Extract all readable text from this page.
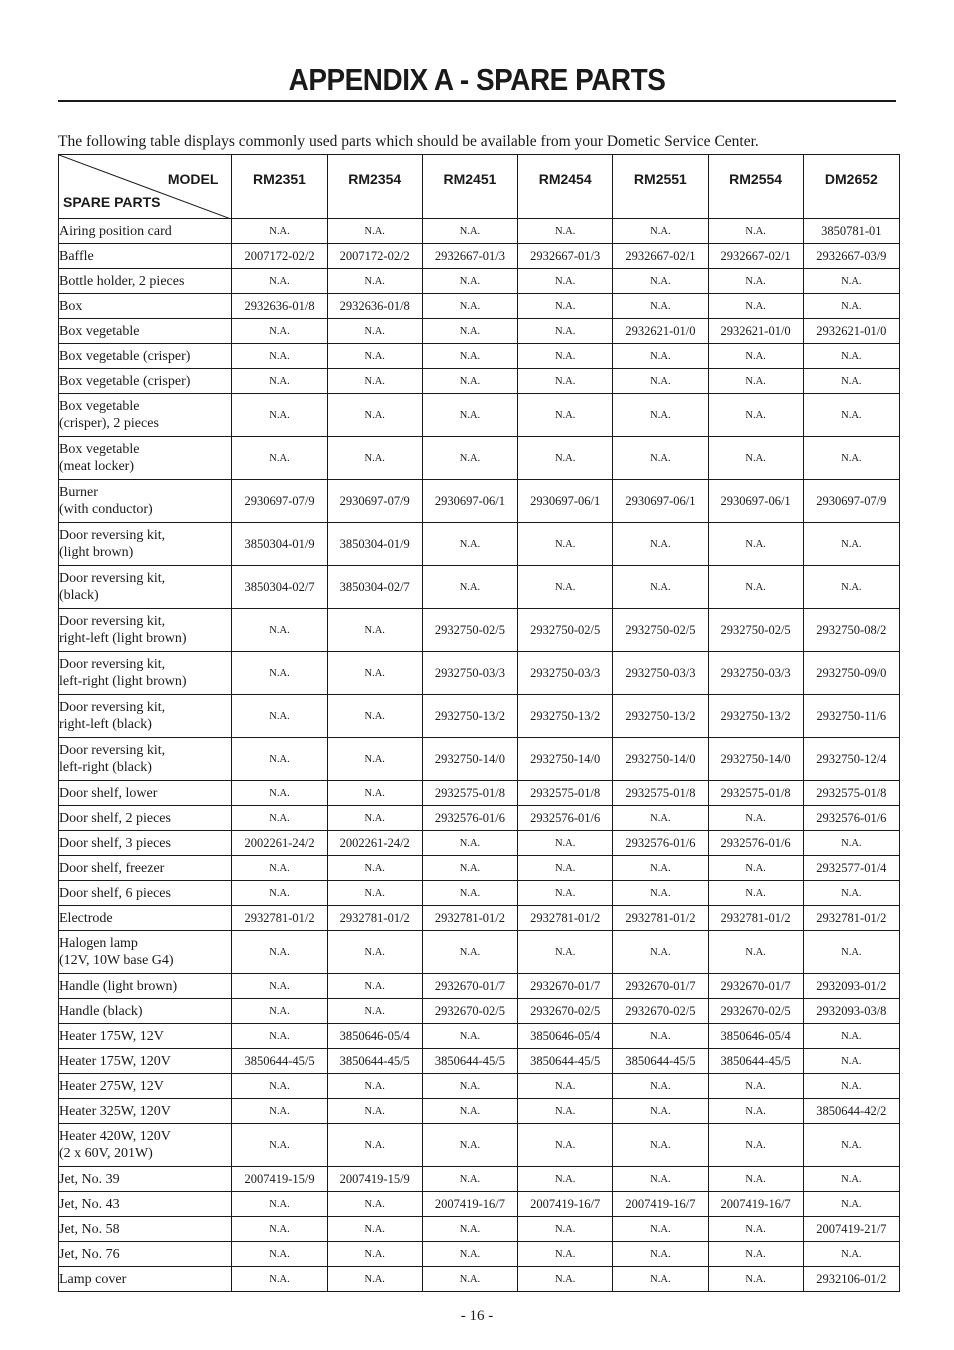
APPENDIX A - SPARE PARTS
The following table displays commonly used parts which should be available from your Dometic Service Center.
MODEL
SPARE PARTS	RM2351	RM2354	RM2451	RM2454	RM2551	RM2554	DM2652
Airing position card	N.A.	N.A.	N.A.	N.A.	N.A.	N.A.	3850781-01
Baffle	2007172-02/2	2007172-02/2	2932667-01/3	2932667-01/3	2932667-02/1	2932667-02/1	2932667-03/9
Bottle holder, 2 pieces	N.A.	N.A.	N.A.	N.A.	N.A.	N.A.	N.A.
Box	2932636-01/8	2932636-01/8	N.A.	N.A.	N.A.	N.A.	N.A.
Box vegetable	N.A.	N.A.	N.A.	N.A.	2932621-01/0	2932621-01/0	2932621-01/0
Box vegetable (crisper)	N.A.	N.A.	N.A.	N.A.	N.A.	N.A.	N.A.
Box vegetable (crisper)	N.A.	N.A.	N.A.	N.A.	N.A.	N.A.	N.A.
Box vegetable
(crisper), 2 pieces	N.A.	N.A.	N.A.	N.A.	N.A.	N.A.	N.A.
Box vegetable
(meat locker)	N.A.	N.A.	N.A.	N.A.	N.A.	N.A.	N.A.
Burner
(with conductor)	2930697-07/9	2930697-07/9	2930697-06/1	2930697-06/1	2930697-06/1	2930697-06/1	2930697-07/9
Door reversing kit,
(light brown)	3850304-01/9	3850304-01/9	N.A.	N.A.	N.A.	N.A.	N.A.
Door reversing kit,
(black)	3850304-02/7	3850304-02/7	N.A.	N.A.	N.A.	N.A.	N.A.
Door reversing kit,
right-left (light brown)	N.A.	N.A.	2932750-02/5	2932750-02/5	2932750-02/5	2932750-02/5	2932750-08/2
Door reversing kit,
left-right (light brown)	N.A.	N.A.	2932750-03/3	2932750-03/3	2932750-03/3	2932750-03/3	2932750-09/0
Door reversing kit,
right-left (black)	N.A.	N.A.	2932750-13/2	2932750-13/2	2932750-13/2	2932750-13/2	2932750-11/6
Door reversing kit,
left-right (black)	N.A.	N.A.	2932750-14/0	2932750-14/0	2932750-14/0	2932750-14/0	2932750-12/4
Door shelf, lower	N.A.	N.A.	2932575-01/8	2932575-01/8	2932575-01/8	2932575-01/8	2932575-01/8
Door shelf, 2 pieces	N.A.	N.A.	2932576-01/6	2932576-01/6	N.A.	N.A.	2932576-01/6
Door shelf, 3 pieces	2002261-24/2	2002261-24/2	N.A.	N.A.	2932576-01/6	2932576-01/6	N.A.
Door shelf, freezer	N.A.	N.A.	N.A.	N.A.	N.A.	N.A.	2932577-01/4
Door shelf, 6 pieces	N.A.	N.A.	N.A.	N.A.	N.A.	N.A.	N.A.
Electrode	2932781-01/2	2932781-01/2	2932781-01/2	2932781-01/2	2932781-01/2	2932781-01/2	2932781-01/2
Halogen lamp
(12V, 10W base G4)	N.A.	N.A.	N.A.	N.A.	N.A.	N.A.	N.A.
Handle (light brown)	N.A.	N.A.	2932670-01/7	2932670-01/7	2932670-01/7	2932670-01/7	2932093-01/2
Handle (black)	N.A.	N.A.	2932670-02/5	2932670-02/5	2932670-02/5	2932670-02/5	2932093-03/8
Heater 175W, 12V	N.A.	3850646-05/4	N.A.	3850646-05/4	N.A.	3850646-05/4	N.A.
Heater 175W, 120V	3850644-45/5	3850644-45/5	3850644-45/5	3850644-45/5	3850644-45/5	3850644-45/5	N.A.
Heater 275W, 12V	N.A.	N.A.	N.A.	N.A.	N.A.	N.A.	N.A.
Heater 325W, 120V	N.A.	N.A.	N.A.	N.A.	N.A.	N.A.	3850644-42/2
Heater 420W, 120V
(2 x 60V, 201W)	N.A.	N.A.	N.A.	N.A.	N.A.	N.A.	N.A.
Jet, No. 39	2007419-15/9	2007419-15/9	N.A.	N.A.	N.A.	N.A.	N.A.
Jet, No. 43	N.A.	N.A.	2007419-16/7	2007419-16/7	2007419-16/7	2007419-16/7	N.A.
Jet, No. 58	N.A.	N.A.	N.A.	N.A.	N.A.	N.A.	2007419-21/7
Jet, No. 76	N.A.	N.A.	N.A.	N.A.	N.A.	N.A.	N.A.
Lamp cover	N.A.	N.A.	N.A.	N.A.	N.A.	N.A.	2932106-01/2
- 16 -
